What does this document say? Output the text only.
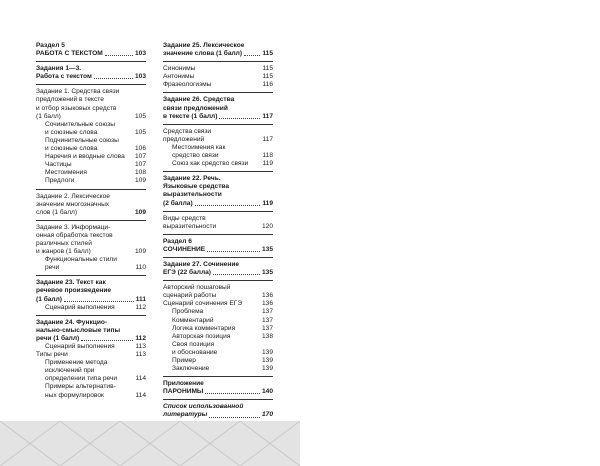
Раздел 5
РАБОТА С ТЕКСТОМ	103
Задания 1—3.
Работа с текстом	103
Задание 1. Средства связи
предложений в тексте
и отбор языковых средств
(1 балл)	105
Сочинительные союзы
и союзные слова	105
Подчинительные союзы
и союзные слова	106
Наречия и вводные слова	107
Частицы	107
Местоимения	108
Предлоги	109
Задание 2. Лексическое
значение многозначных
слов (1 балл)	109
Задание 3. Информаци-
онная обработка текстов
различных стилей
и жанров (1 балл)	109
Функциональные стили
речи	110
Задание 23. Текст как
речевое произведение
(1 балл)	111
Сценарий выполнения	112
Задание 24. Функцио-
нально-смысловые типы
речи (1 балл)	112
Сценарий выполнения	113
Типы речи	113
Применение метода
исключений при
определении типа речи	114
Примеры альтернатив-
ных формулировок	114
Задание 25. Лексическое
значение слова (1 балл)	115
Синонимы	115
Антонимы	115
Фразеологизмы	116
Задание 26. Средства
связи предложений
в тексте (1 балл)	117
Средства связи
предложений	117
Местоимения как
средство связи	118
Союз как средство связи	119
Задание 22. Речь.
Языковые средства
выразительности
(2 балла)	119
Виды средств
выразительности	120
Раздел 6
СОЧИНЕНИЕ	135
Задание 27. Сочинение
ЕГЭ (22 балла)	135
Авторский пошаговый
сценарий работы	136
Сценарий сочинения ЕГЭ	136
Проблема	137
Комментарий	137
Логика комментария	137
Авторская позиция	138
Своя позиция
и обоснование	139
Пример	139
Заключение	139
Приложение
ПАРОНИМЫ	140
Список использованной
литературы	170
